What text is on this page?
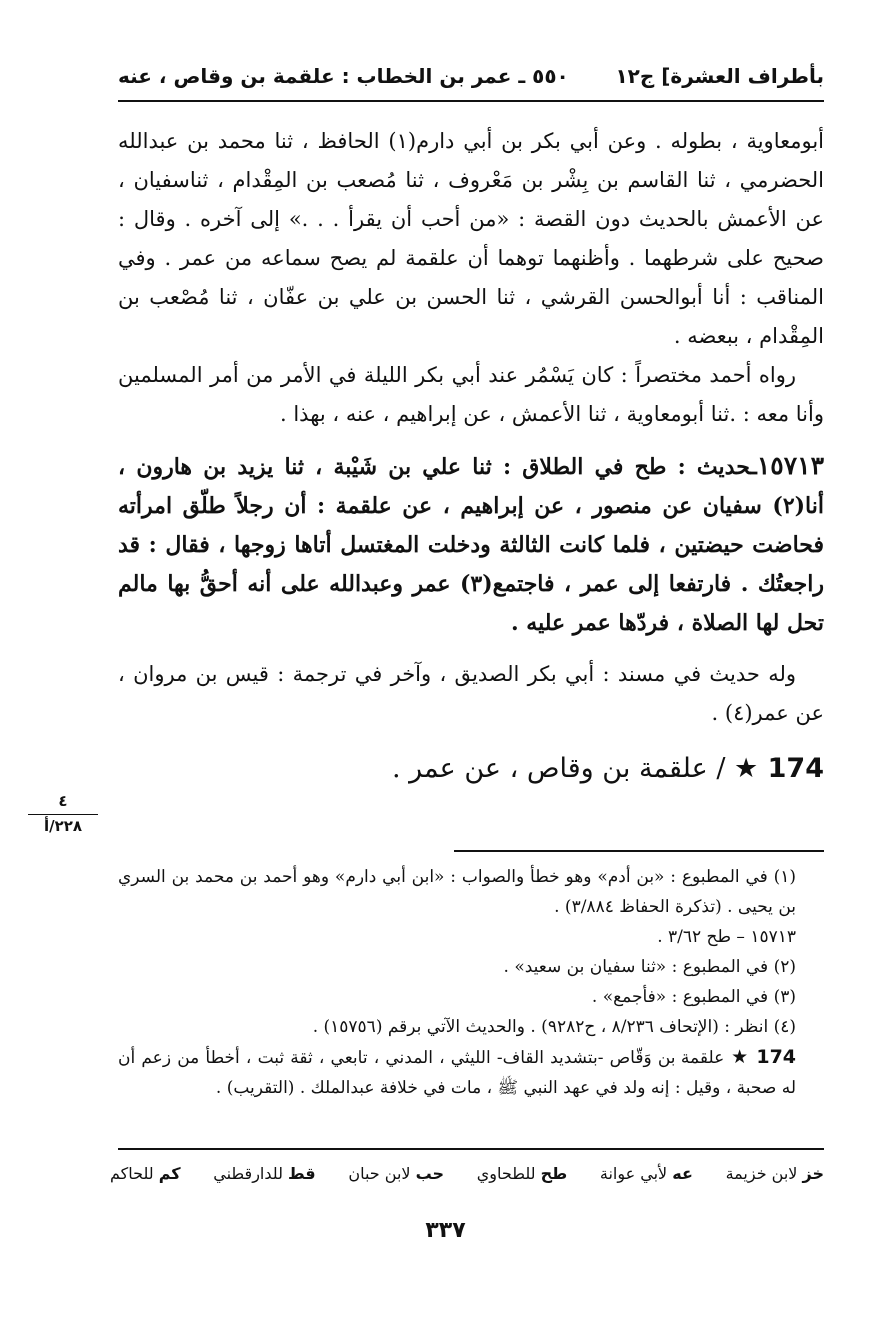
بأطراف العشرة] ج١٢
٥٥٠ ـ عمر بن الخطاب : علقمة بن وقاص ، عنه

أبومعاوية ، بطوله . وعن أبي بكر بن أبي دارم(١) الحافظ ، ثنا محمد بن عبدالله الحضرمي ، ثنا القاسم بن بِشْر بن مَعْروف ، ثنا مُصعب بن المِقْدام ، ثناسفيان ، عن الأعمش بالحديث دون القصة : «من أحب أن يقرأ . . .» إلى آخره . وقال : صحيح على شرطهما . وأظنهما توهما أن علقمة لم يصح سماعه من عمر . وفي المناقب : أنا أبوالحسن القرشي ، ثنا الحسن بن علي بن عفّان ، ثنا مُصْعب بن المِقْدام ، ببعضه .

رواه أحمد مختصراً : كان يَسْمُر عند أبي بكر الليلة في الأمر من أمر المسلمين وأنا معه : .ثنا أبومعاوية ، ثنا الأعمش ، عن إبراهيم ، عنه ، بهذا .

١٥٧١٣ـحديث : طح في الطلاق : ثنا علي بن شَيْبة ، ثنا يزيد بن هارون ، أنا(٢) سفيان عن منصور ، عن إبراهيم ، عن علقمة : أن رجلاً طلّق امرأته فحاضت حيضتين ، فلما كانت الثالثة ودخلت المغتسل أتاها زوجها ، فقال : قد راجعتُك . فارتفعا إلى عمر ، فاجتمع(٣) عمر وعبدالله على أنه أحقُّ بها مالم تحل لها الصلاة ، فردّها عمر عليه .

وله حديث في مسند : أبي بكر الصديق ، وآخر في ترجمة : قيس بن مروان ، عن عمر(٤) .

174 ★ / علقمة بن وقاص ، عن عمر .

٤
٢٢٨/أ

(١) في المطبوع : «بن أدم» وهو خطأ والصواب : «ابن أبي دارم» وهو أحمد بن محمد بن السري بن يحيى . (تذكرة الحفاظ ٣/٨٨٤) .

١٥٧١٣ – طح ٣/٦٢ .

(٢) في المطبوع : «ثنا سفيان بن سعيد» .

(٣) في المطبوع : «فأجمع» .

(٤) انظر : (الإتحاف ٨/٢٣٦ ، ح٩٢٨٢) . والحديث الآتي برقم (١٥٧٥٦) .

174 ★ علقمة بن وَقّاص -بتشديد القاف- الليثي ، المدني ، تابعي ، ثقة ثبت ، أخطأ من زعم أن له صحبة ، وقيل : إنه ولد في عهد النبي ﷺ ، مات في خلافة عبدالملك . (التقريب) .

خز لابن خزيمة
عه لأبي عوانة
طح للطحاوي
حب لابن حبان
قط للدارقطني
كم للحاكم
٣٣٧
